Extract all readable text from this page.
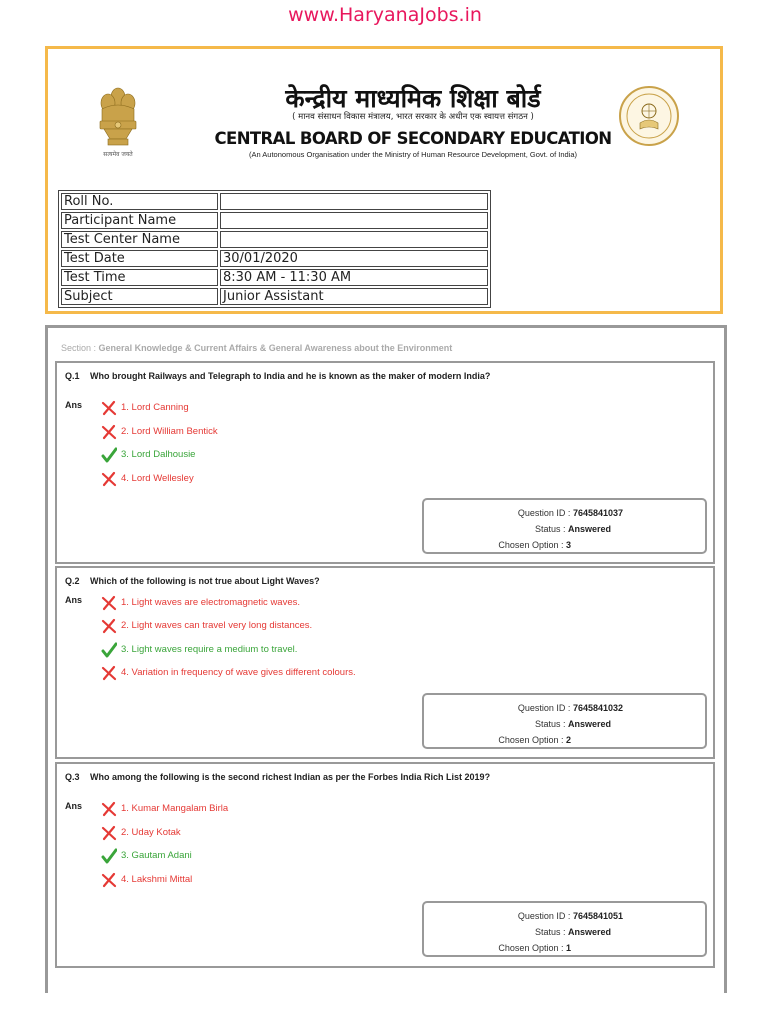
www.HaryanaJobs.in
सत्यमेव जयते
केन्द्रीय माध्यमिक शिक्षा बोर्ड
( मानव संसाधन विकास मंत्रालय, भारत सरकार के अधीन एक स्वायत्त संगठन )
CENTRAL BOARD OF SECONDARY EDUCATION
(An Autonomous Organisation under the Ministry of Human Resource Development, Govt. of India)
Roll No.	
Participant Name	
Test Center Name	
Test Date	30/01/2020
Test Time	8:30 AM - 11:30 AM
Subject	Junior Assistant
Section : General Knowledge & Current Affairs & General Awareness about the Environment
Q.1 Who brought Railways and Telegraph to India and he is known as the maker of modern India?
Ans	1. Lord Canning
2. Lord William Bentick
3. Lord Dalhousie
4. Lord Wellesley
Question ID : 7645841037
Status : Answered
Chosen Option : 3
Q.2 Which of the following is not true about Light Waves?
Ans	1. Light waves are electromagnetic waves.
2. Light waves can travel very long distances.
3. Light waves require a medium to travel.
4. Variation in frequency of wave gives different colours.
Question ID : 7645841032
Status : Answered
Chosen Option : 2
Q.3 Who among the following is the second richest Indian as per the Forbes India Rich List 2019?
Ans	1. Kumar Mangalam Birla
2. Uday Kotak
3. Gautam Adani
4. Lakshmi Mittal
Question ID : 7645841051
Status : Answered
Chosen Option : 1
